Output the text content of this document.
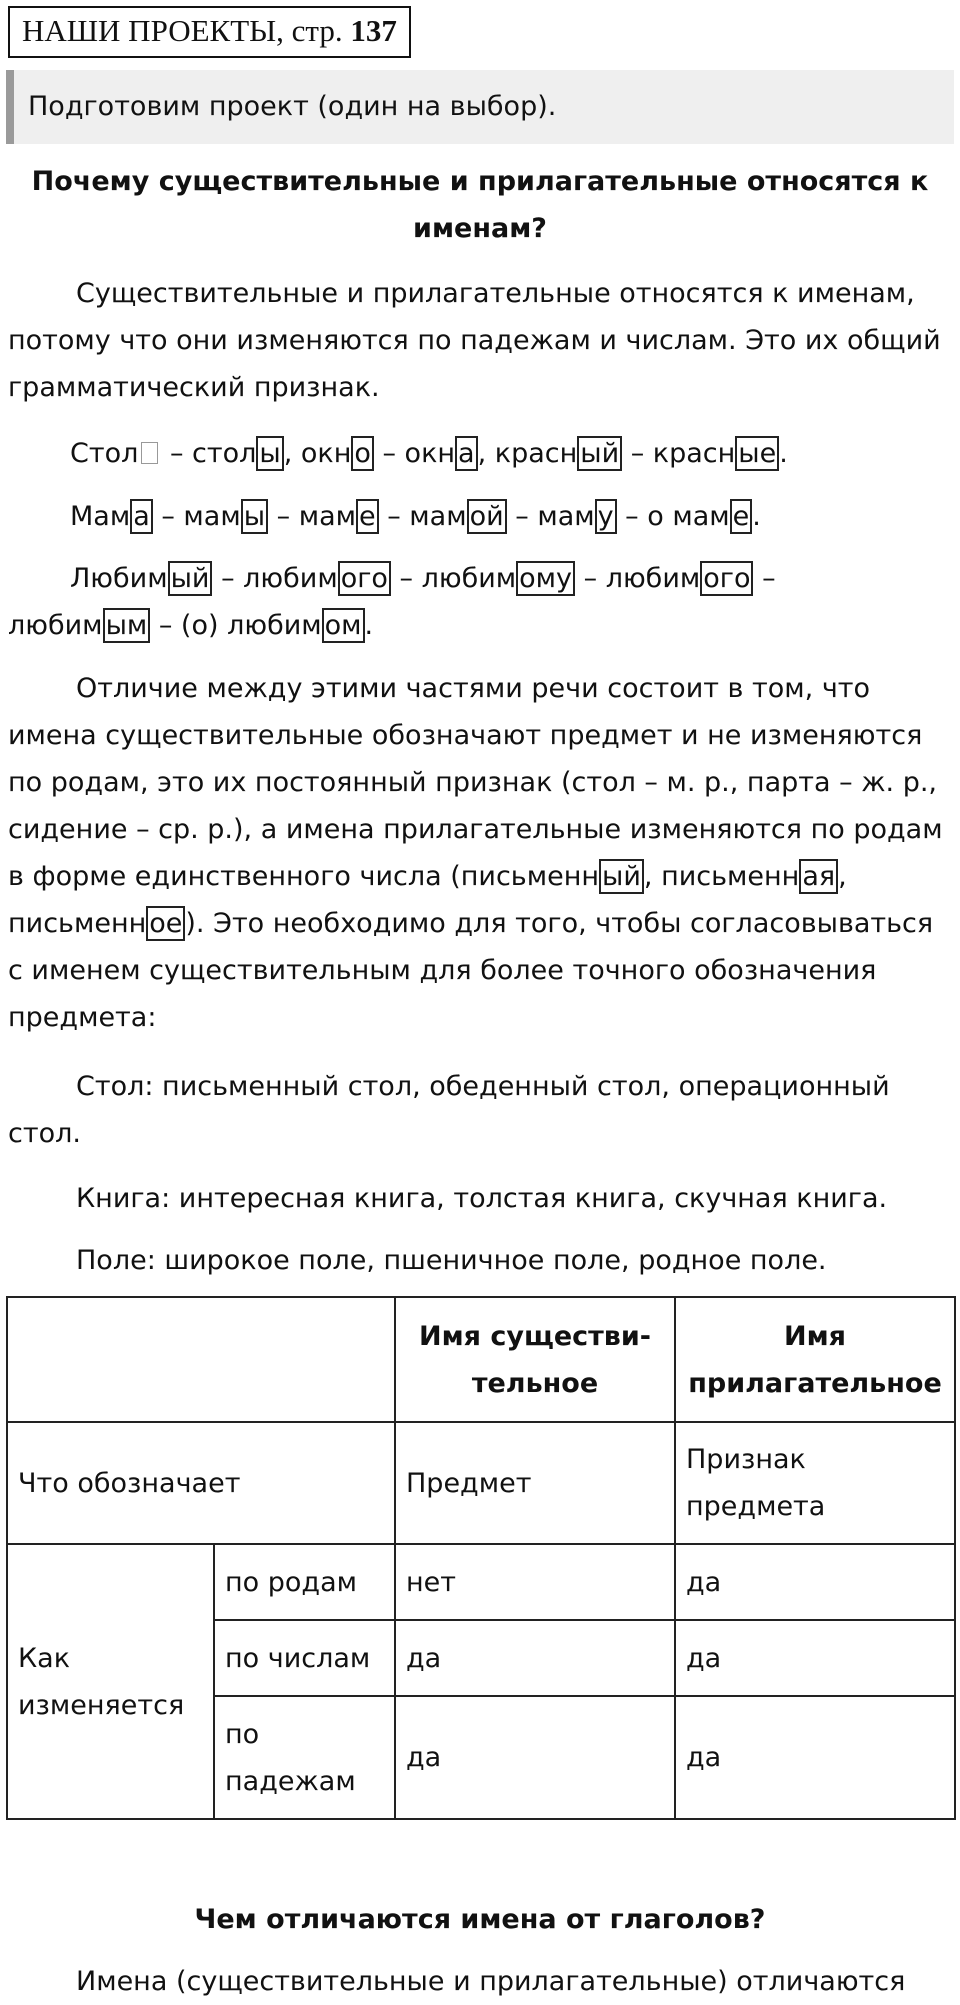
НАШИ ПРОЕКТЫ, стр. 137
Подготовим проект (один на выбор).
Почему существительные и прилагательные относятся к именам?

Существительные и прилагательные относятся к именам, потому что они изменяются по падежам и числам. Это их общий грамматический признак.

Стол – стол ы , окн о – окн а , красн ый – красн ые .
Мам а – мам ы – мам е – мам ой – мам у – о мам е .
Любим ый – любим ого – любим ому – любим ого –
любим ым – (о) любим ом .

Отличие между этими частями речи состоит в том, что имена существительные обозначают предмет и не изменяются по родам, это их постоянный признак (стол – м. р., парта – ж. р., сидение – ср. р.), а имена прилагательные изменяются по родам в форме единственного числа (письменн ый , письменн ая , письменн ое ). Это необходимо для того, чтобы согласовываться с именем существительным для более точного обозначения предмета:

Стол: письменный стол, обеденный стол, операционный стол.

Книга: интересная книга, толстая книга, скучная книга.

Поле: широкое поле, пшеничное поле, родное поле.

		Имя существи-тельное	Имя прилагательное
Что обозначает		Предмет	Признак предмета
Как изменяется	по родам	нет	да
	по числам	да	да
	по падежам	да	да
Чем отличаются имена от глаголов?
Имена (существительные и прилагательные) отличаются
